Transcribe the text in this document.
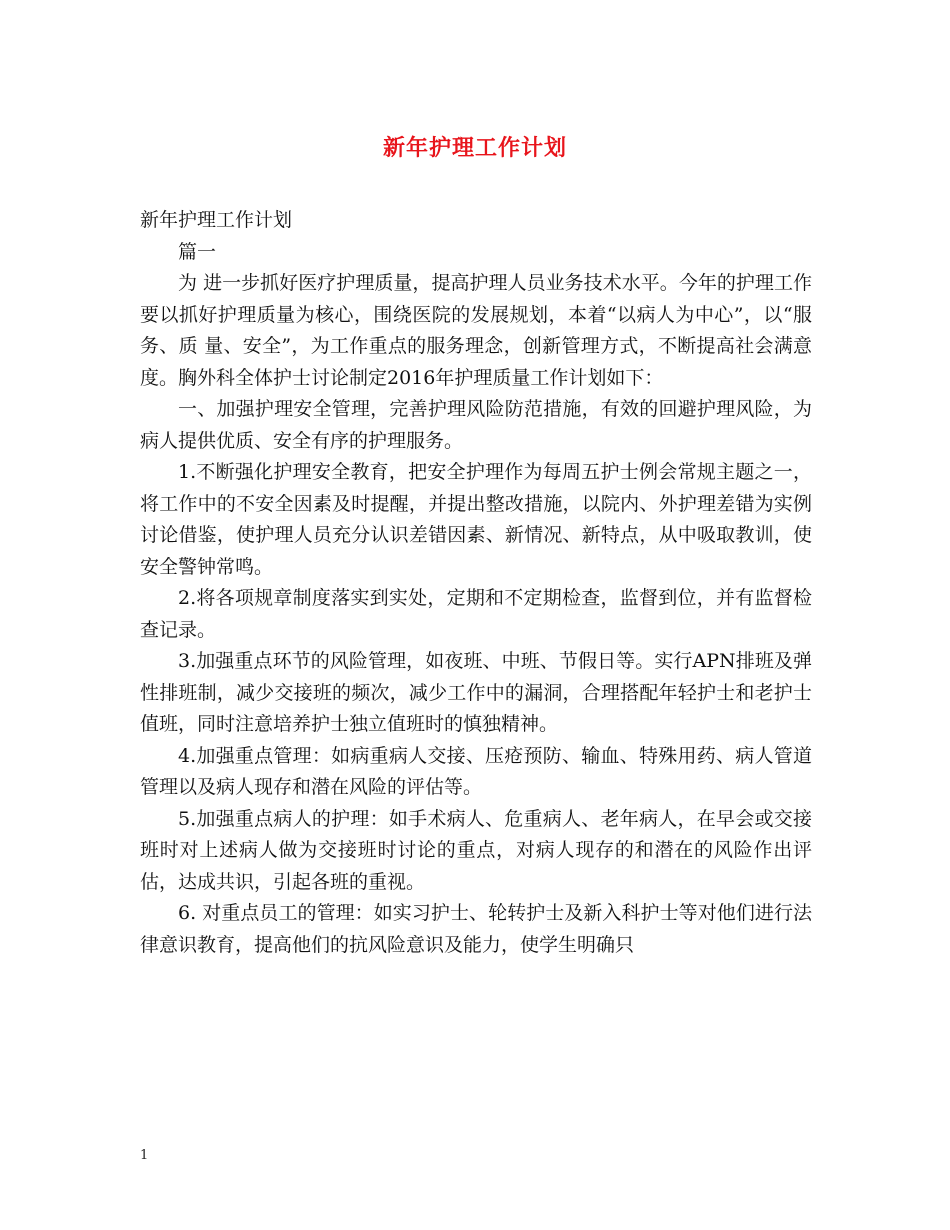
新年护理工作计划

新年护理工作计划

篇一

为 进一步抓好医疗护理质量，提高护理人员业务技术水平。今年的护理工作要以抓好护理质量为核心，围绕医院的发展规划，本着“以病人为中心”，以“服务、质 量、安全”，为工作重点的服务理念，创新管理方式，不断提高社会满意度。胸外科全体护士讨论制定2016年护理质量工作计划如下：

一、加强护理安全管理，完善护理风险防范措施，有效的回避护理风险，为病人提供优质、安全有序的护理服务。

1.不断强化护理安全教育，把安全护理作为每周五护士例会常规主题之一，将工作中的不安全因素及时提醒，并提出整改措施，以院内、外护理差错为实例讨论借鉴，使护理人员充分认识差错因素、新情况、新特点，从中吸取教训，使安全警钟常鸣。

2.将各项规章制度落实到实处，定期和不定期检查，监督到位，并有监督检查记录。

3.加强重点环节的风险管理，如夜班、中班、节假日等。实行APN排班及弹性排班制，减少交接班的频次，减少工作中的漏洞，合理搭配年轻护士和老护士值班，同时注意培养护士独立值班时的慎独精神。

4.加强重点管理：如病重病人交接、压疮预防、输血、特殊用药、病人管道管理以及病人现存和潜在风险的评估等。

5.加强重点病人的护理：如手术病人、危重病人、老年病人，在早会或交接班时对上述病人做为交接班时讨论的重点，对病人现存的和潜在的风险作出评估，达成共识，引起各班的重视。

6. 对重点员工的管理：如实习护士、轮转护士及新入科护士等对他们进行法律意识教育，提高他们的抗风险意识及能力，使学生明确只

1
